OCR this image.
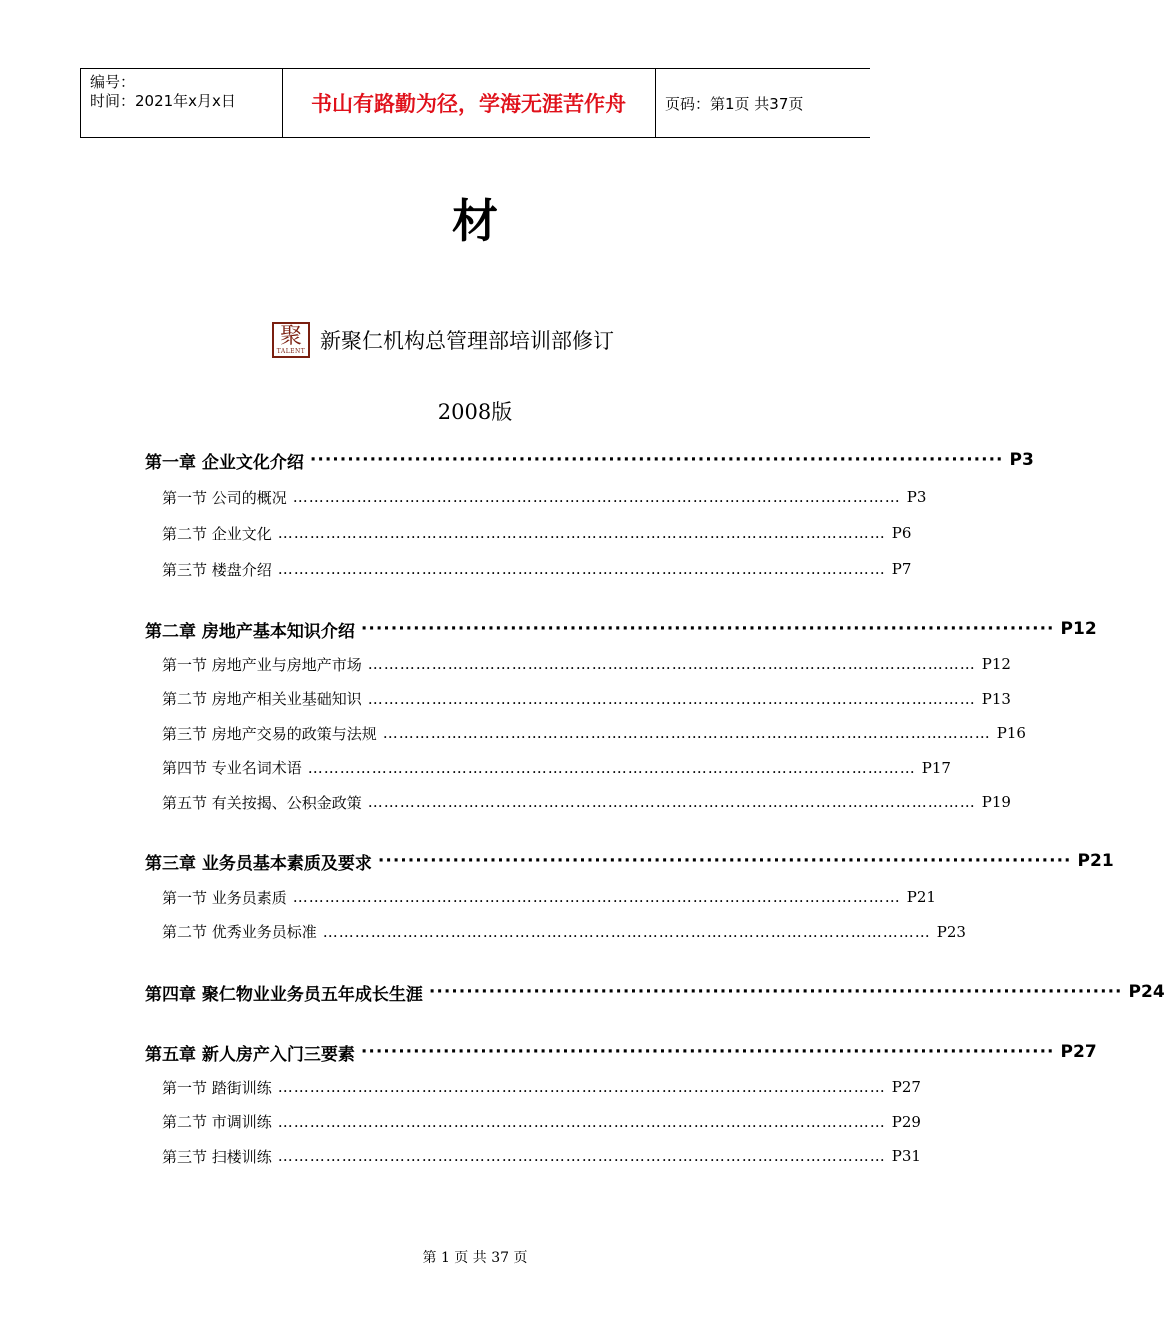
编号：
时间：2021年x月x日	书山有路勤为径，学海无涯苦作舟	页码：第1页 共37页
材
聚
TALENT 新聚仁机构总管理部培训部修订
2008版
第一章 企业文化介绍 ····························································································· P3
第一节 公司的概况 …………………………………………………………………………………………………… P3
第二节 企业文化 …………………………………………………………………………………………………… P6
第三节 楼盘介绍 …………………………………………………………………………………………………… P7
第二章 房地产基本知识介绍 ····························································································· P12
第一节 房地产业与房地产市场 …………………………………………………………………………………………………… P12
第二节 房地产相关业基础知识 …………………………………………………………………………………………………… P13
第三节 房地产交易的政策与法规 …………………………………………………………………………………………………… P16
第四节 专业名词术语 …………………………………………………………………………………………………… P17
第五节 有关按揭、公积金政策 …………………………………………………………………………………………………… P19
第三章 业务员基本素质及要求 ····························································································· P21
第一节 业务员素质 …………………………………………………………………………………………………… P21
第二节 优秀业务员标准 …………………………………………………………………………………………………… P23
第四章 聚仁物业业务员五年成长生涯 ····························································································· P24
第五章 新人房产入门三要素 ····························································································· P27
第一节 踏街训练 …………………………………………………………………………………………………… P27
第二节 市调训练 …………………………………………………………………………………………………… P29
第三节 扫楼训练 …………………………………………………………………………………………………… P31
第 1 页 共 37 页
